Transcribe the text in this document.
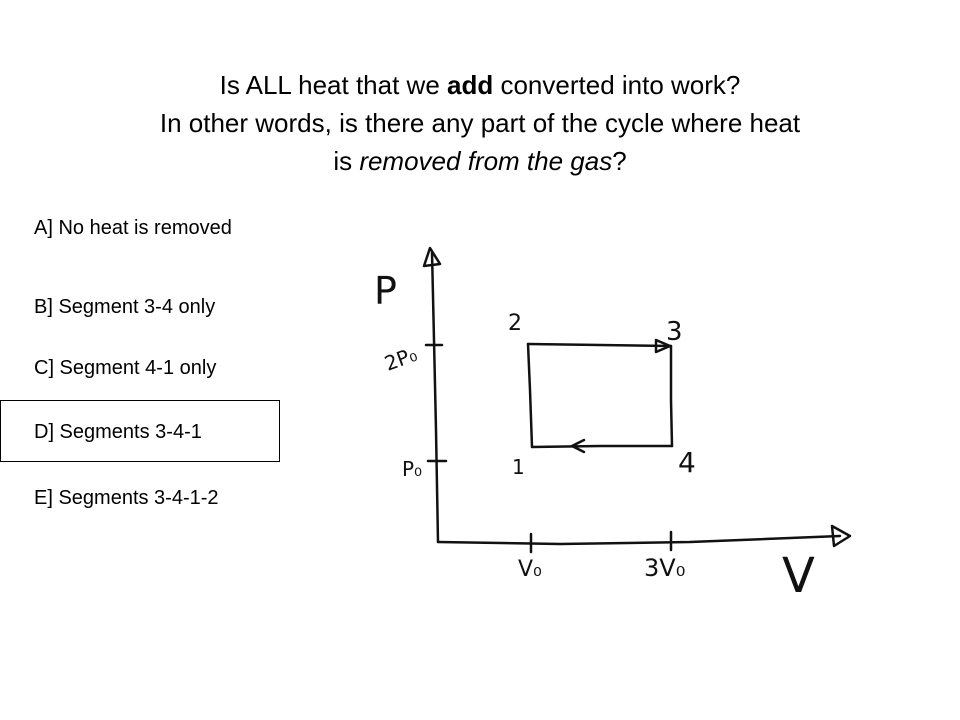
Is ALL heat that we add converted into work?
In other words, is there any part of the cycle where heat
is removed from the gas?
A] No heat is removed
B] Segment 3-4 only
C] Segment 4-1 only
D] Segments 3-4-1
E] Segments 3-4-1-2
P
V
2P₀
P₀
V₀	3V₀
1
2	3
4
